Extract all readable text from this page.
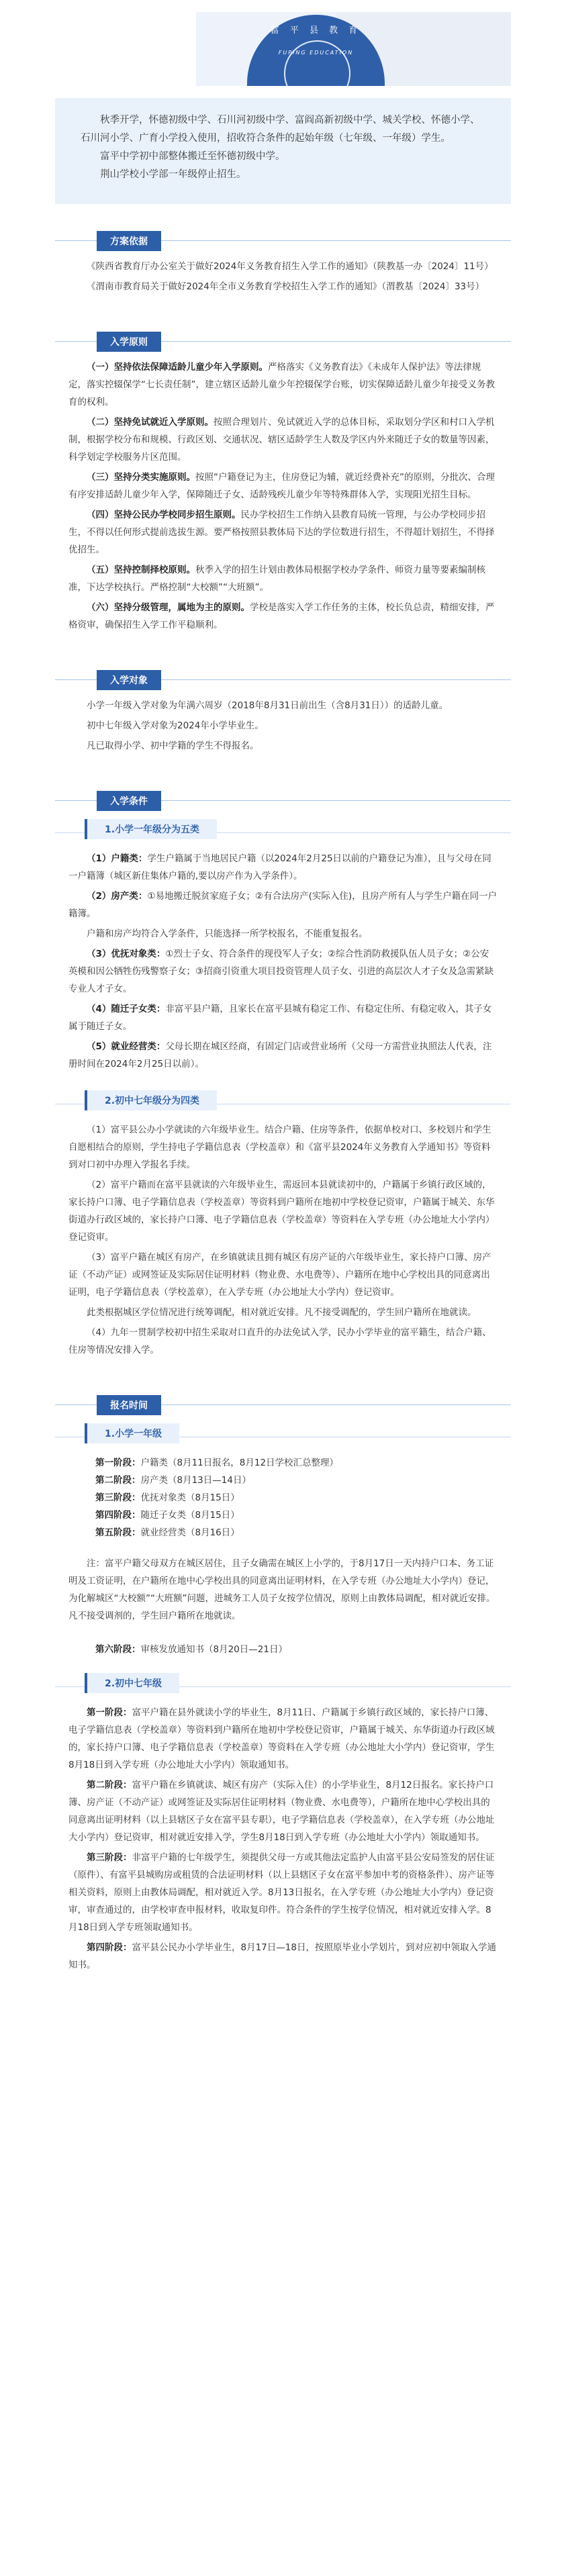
富 平 县 教 育
FUPING EDUCATION

秋季开学，怀德初级中学、石川河初级中学、富阎高新初级中学、城关学校、怀德小学、石川河小学、广育小学投入使用，招收符合条件的起始年级（七年级、一年级）学生。

富平中学初中部整体搬迁至怀德初级中学。

荆山学校小学部一年级停止招生。

方案依据

《陕西省教育厅办公室关于做好2024年义务教育招生入学工作的通知》（陕教基一办〔2024〕11号）

《渭南市教育局关于做好2024年全市义务教育学校招生入学工作的通知》（渭教基〔2024〕33号）

入学原则

（一）坚持依法保障适龄儿童少年入学原则。严格落实《义务教育法》《未成年人保护法》等法律规定，落实控辍保学“七长责任制”，建立辖区适龄儿童少年控辍保学台账，切实保障适龄儿童少年接受义务教育的权利。

（二）坚持免试就近入学原则。按照合理划片、免试就近入学的总体目标，采取划分学区和村口入学机制，根据学校分布和规模、行政区划、交通状况、辖区适龄学生人数及学区内外来随迁子女的数量等因素，科学划定学校服务片区范围。

（三）坚持分类实施原则。按照“户籍登记为主，住房登记为辅，就近经费补充”的原则，分批次、合理有序安排适龄儿童少年入学，保障随迁子女、适龄残疾儿童少年等特殊群体入学，实现阳光招生目标。

（四）坚持公民办学校同步招生原则。民办学校招生工作纳入县教育局统一管理，与公办学校同步招生，不得以任何形式提前选拔生源。要严格按照县教体局下达的学位数进行招生，不得超计划招生，不得择优招生。

（五）坚持控制择校原则。秋季入学的招生计划由教体局根据学校办学条件、师资力量等要素编制核准，下达学校执行。严格控制“大校额”“大班额”。

（六）坚持分级管理，属地为主的原则。学校是落实入学工作任务的主体，校长负总责，精细安排，严格资审，确保招生入学工作平稳顺利。

入学对象

小学一年级入学对象为年满六周岁（2018年8月31日前出生（含8月31日））的适龄儿童。

初中七年级入学对象为2024年小学毕业生。

凡已取得小学、初中学籍的学生不得报名。

入学条件
1.小学一年级分为五类

（1）户籍类：学生户籍属于当地居民户籍（以2024年2月25日以前的户籍登记为准），且与父母在同一户籍簿（城区新住集体户籍的,要以房产作为入学条件）。

（2）房产类：①易地搬迁脱贫家庭子女；②有合法房产(实际入住)，且房产所有人与学生户籍在同一户籍簿。

户籍和房产均符合入学条件，只能选择一所学校报名，不能重复报名。

（3）优抚对象类：①烈士子女、符合条件的现役军人子女；②综合性消防救援队伍人员子女；②公安英模和因公牺牲伤残警察子女；③招商引资重大项目投资管理人员子女、引进的高层次人才子女及急需紧缺专业人才子女。

（4）随迁子女类：非富平县户籍，且家长在富平县城有稳定工作、有稳定住所、有稳定收入，其子女属于随迁子女。

（5）就业经营类：父母长期在城区经商，有固定门店或营业场所（父母一方需营业执照法人代表，注册时间在2024年2月25日以前）。

2.初中七年级分为四类

（1）富平县公办小学就读的六年级毕业生。结合户籍、住房等条件，依据单校对口、多校划片和学生自愿相结合的原则，学生持电子学籍信息表（学校盖章）和《富平县2024年义务教育入学通知书》等资料到对口初中办理入学报名手续。

（2）富平户籍而在富平县就读的六年级毕业生，需返回本县就读初中的，户籍属于乡镇行政区域的，家长持户口簿、电子学籍信息表（学校盖章）等资料到户籍所在地初中学校登记资审，户籍属于城关、东华街道办行政区域的，家长持户口簿、电子学籍信息表（学校盖章）等资料在入学专班（办公地址大小学内）登记资审。

（3）富平户籍在城区有房产，在乡镇就读且拥有城区有房产证的六年级毕业生，家长持户口簿、房产证（不动产证）或网签证及实际居住证明材料（物业费、水电费等）、户籍所在地中心学校出具的同意离出证明，电子学籍信息表（学校盖章），在入学专班（办公地址大小学内）登记资审。

此类根据城区学位情况进行统筹调配，相对就近安排。凡不接受调配的，学生回户籍所在地就读。

（4）九年一贯制学校初中招生采取对口直升的办法免试入学，民办小学毕业的富平籍生，结合户籍、住房等情况安排入学。

报名时间
1.小学一年级

第一阶段：户籍类（8月11日报名，8月12日学校汇总整理）

第二阶段：房产类（8月13日—14日）

第三阶段：优抚对象类（8月15日）

第四阶段：随迁子女类（8月15日）

第五阶段：就业经营类（8月16日）

注：富平户籍父母双方在城区居住，且子女确需在城区上小学的，于8月17日一天内持户口本、务工证明及工资证明，在户籍所在地中心学校出具的同意离出证明材料，在入学专班（办公地址大小学内）登记，为化解城区“大校额”“大班额”问题，进城务工人员子女按学位情况，原则上由教体局调配，相对就近安排。凡不接受调剂的，学生回户籍所在地就读。

第六阶段：审核发放通知书（8月20日—21日）

2.初中七年级

第一阶段：富平户籍在县外就读小学的毕业生，8月11日、户籍属于乡镇行政区域的，家长持户口簿、电子学籍信息表（学校盖章）等资料到户籍所在地初中学校登记资审，户籍属于城关、东华街道办行政区域的，家长持户口簿、电子学籍信息表（学校盖章）等资料在入学专班（办公地址大小学内）登记资审，学生8月18日到入学专班（办公地址大小学内）领取通知书。

第二阶段：富平户籍在乡镇就读、城区有房产（实际入住）的小学毕业生，8月12日报名。家长持户口簿、房产证（不动产证）或网签证及实际居住证明材料（物业费、水电费等），户籍所在地中心学校出具的同意离出证明材料（以上县辖区子女在富平县专职），电子学籍信息表（学校盖章），在入学专班（办公地址大小学内）登记资审，相对就近安排入学，学生8月18日到入学专班（办公地址大小学内）领取通知书。

第三阶段：非富平户籍的七年级学生，须提供父母一方或其他法定监护人由富平县公安局签发的居住证（原件）、有富平县城购房或租赁的合法证明材料（以上县辖区子女在富平参加中考的资格条件）、房产证等相关资料，原则上由教体局调配，相对就近入学。8月13日报名，在入学专班（办公地址大小学内）登记资审，审查通过的，由学校审查申报材料，收取复印件。符合条件的学生按学位情况，相对就近安排入学。8月18日到入学专班领取通知书。

第四阶段：富平县公民办小学毕业生，8月17日—18日，按照原毕业小学划片，到对应初中领取入学通知书。
